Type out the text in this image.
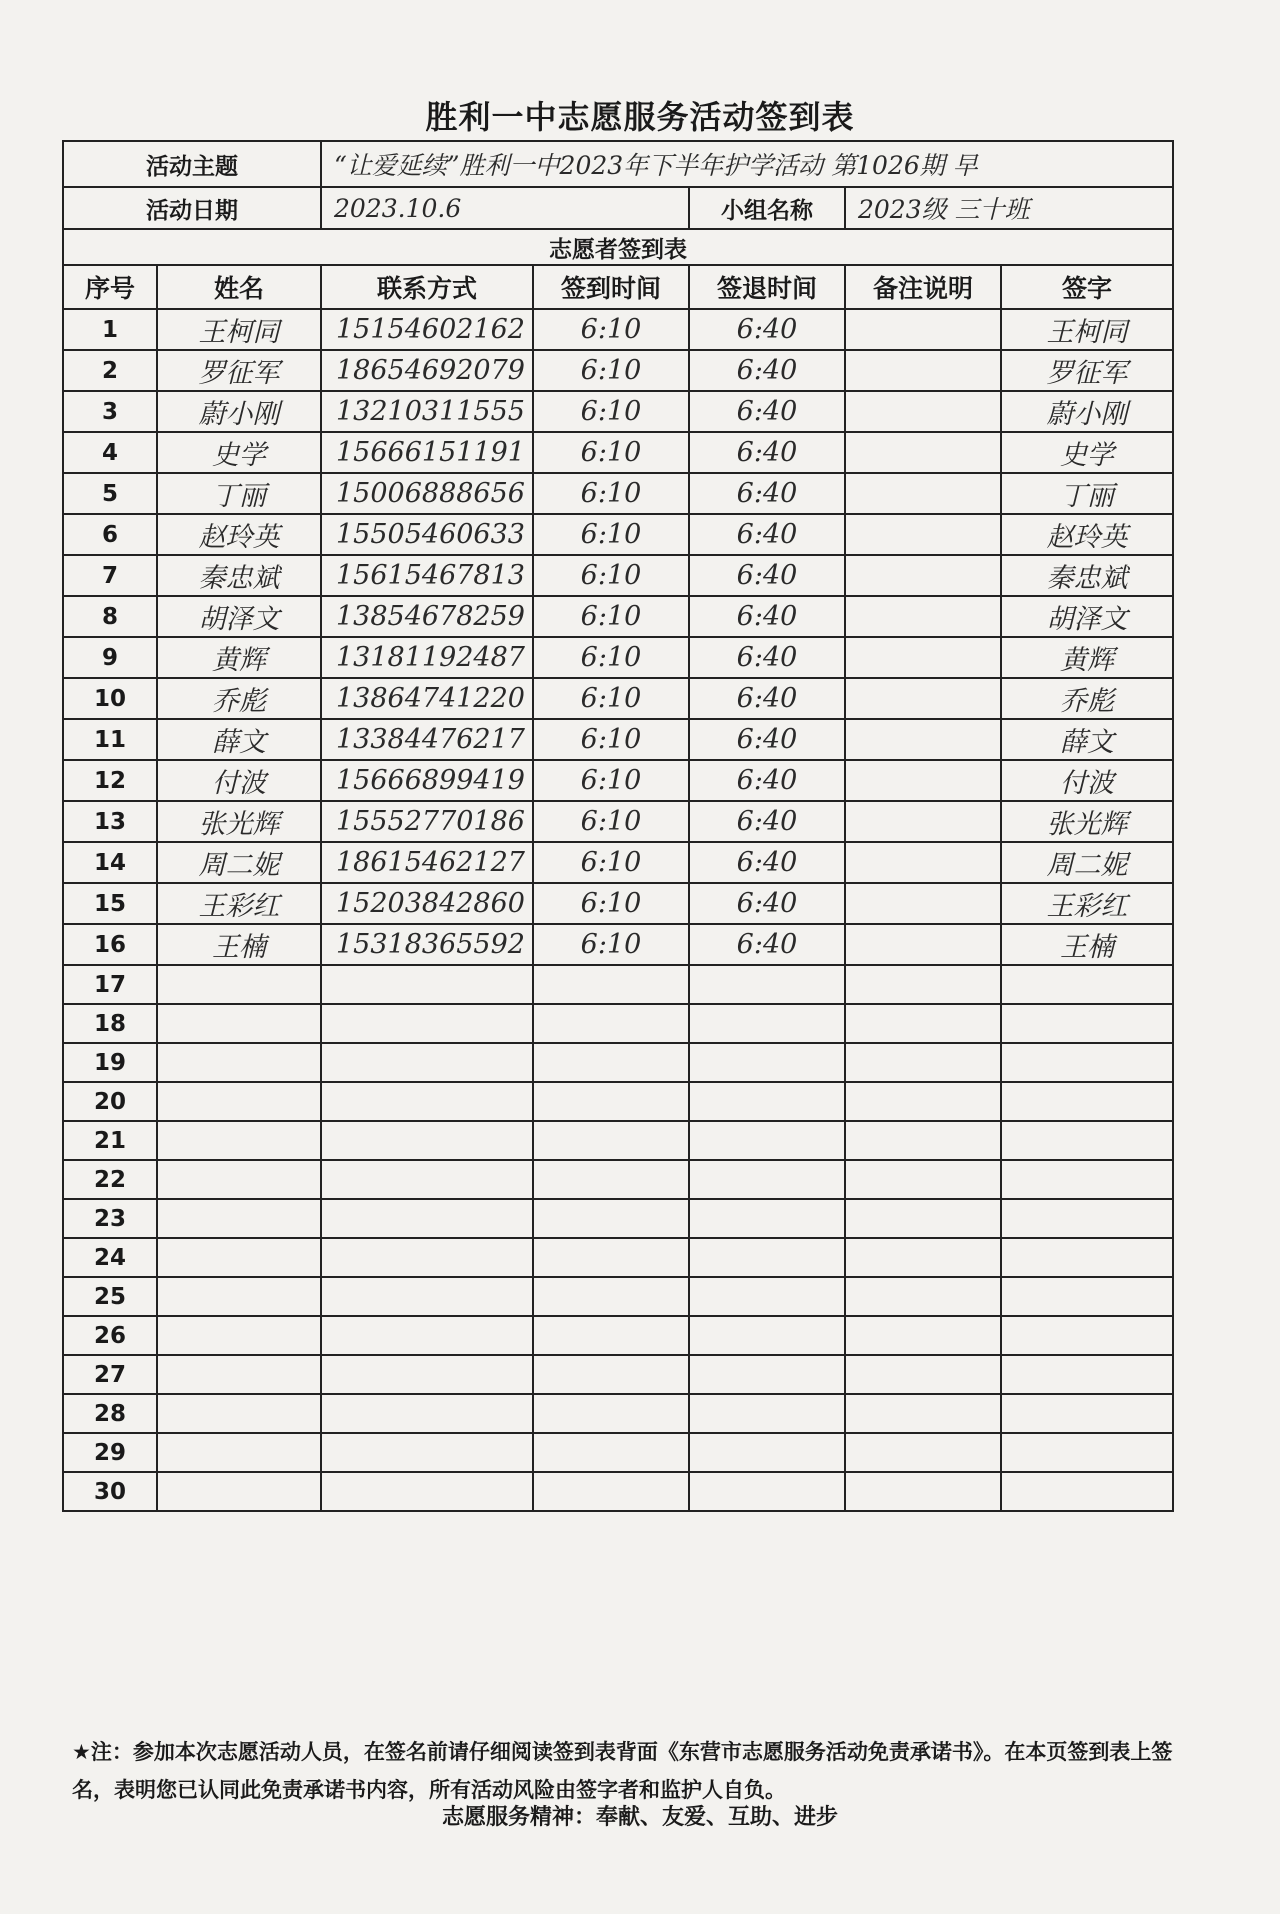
胜利一中志愿服务活动签到表
活动主题		“让爱延续”胜利一中2023年下半年护学活动 第1026期 早				
活动日期		2023.10.6		小组名称	2023级 三十班	
志愿者签到表						
序号	姓名	联系方式	签到时间	签退时间	备注说明	签字
1	王柯同	15154602162	6:10	6:40		王柯同
2	罗征军	18654692079	6:10	6:40		罗征军
3	蔚小刚	13210311555	6:10	6:40		蔚小刚
4	史学	15666151191	6:10	6:40		史学
5	丁丽	15006888656	6:10	6:40		丁丽
6	赵玲英	15505460633	6:10	6:40		赵玲英
7	秦忠斌	15615467813	6:10	6:40		秦忠斌
8	胡泽文	13854678259	6:10	6:40		胡泽文
9	黄辉	13181192487	6:10	6:40		黄辉
10	乔彪	13864741220	6:10	6:40		乔彪
11	薛文	13384476217	6:10	6:40		薛文
12	付波	15666899419	6:10	6:40		付波
13	张光辉	15552770186	6:10	6:40		张光辉
14	周二妮	18615462127	6:10	6:40		周二妮
15	王彩红	15203842860	6:10	6:40		王彩红
16	王楠	15318365592	6:10	6:40		王楠
17						
18						
19						
20						
21						
22						
23						
24						
25						
26						
27						
28						
29						
30						
★注：参加本次志愿活动人员，在签名前请仔细阅读签到表背面《东营市志愿服务活动免责承诺书》。在本页签到表上签名，表明您已认同此免责承诺书内容，所有活动风险由签字者和监护人自负。
志愿服务精神：奉献、友爱、互助、进步
